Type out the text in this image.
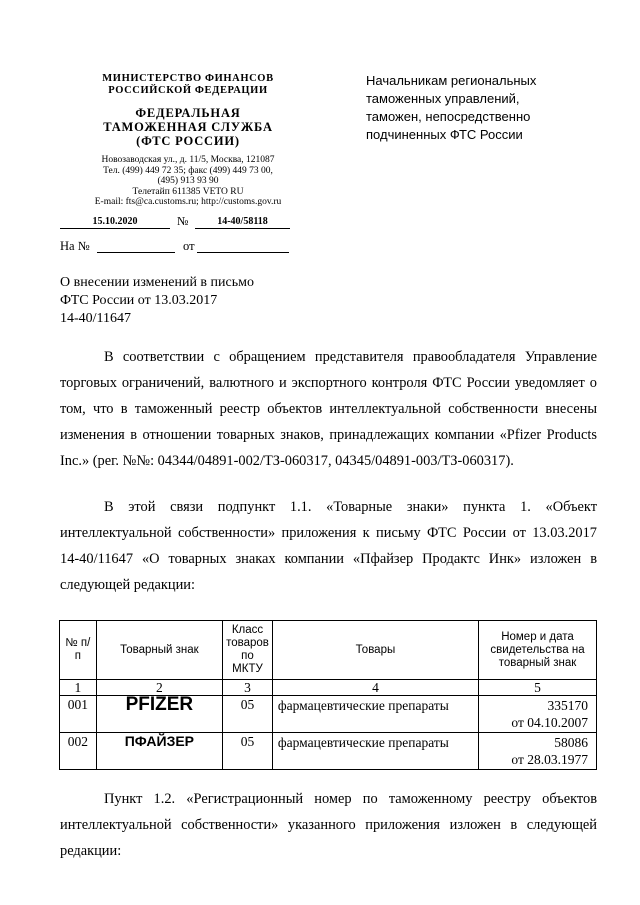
МИНИСТЕРСТВО ФИНАНСОВ
РОССИЙСКОЙ ФЕДЕРАЦИИ
ФЕДЕРАЛЬНАЯ
ТАМОЖЕННАЯ СЛУЖБА
(ФТС РОССИИ)
Новозаводская ул., д. 11/5, Москва, 121087
Тел. (499) 449 72 35; факс (499) 449 73 00,
(495) 913 93 90
Телетайп 611385 VETO RU
E-mail: fts@ca.customs.ru; http://customs.gov.ru
15.10.2020	№	14-40/58118
На №	от
Начальникам региональных
таможенных управлений,
таможен, непосредственно
подчиненных ФТС России
О внесении изменений в письмо
ФТС России от 13.03.2017
14-40/11647
В соответствии с обращением представителя правообладателя Управление торговых ограничений, валютного и экспортного контроля ФТС России уведомляет о том, что в таможенный реестр объектов интеллектуальной собственности внесены изменения в отношении товарных знаков, принадлежащих компании «Pfizer Products Inc.» (рег. №№: 04344/04891-002/ТЗ-060317, 04345/04891-003/ТЗ-060317).
В этой связи подпункт 1.1. «Товарные знаки» пункта 1. «Объект интеллектуальной собственности» приложения к письму ФТС России от 13.03.2017 14-40/11647 «О товарных знаках компании «Пфайзер Продактс Инк» изложен в следующей редакции:
№ п/п	Товарный знак	Класс товаров по МКТУ	Товары	Номер и дата свидетельства на товарный знак
1	2	3	4	5
001	PFIZER	05	фармацевтические препараты	335170
от 04.10.2007

002	ПФАЙЗЕР	05	фармацевтические препараты	58086
от 28.03.1977
Пункт 1.2. «Регистрационный номер по таможенному реестру объектов интеллектуальной собственности» указанного приложения изложен в следующей редакции:
